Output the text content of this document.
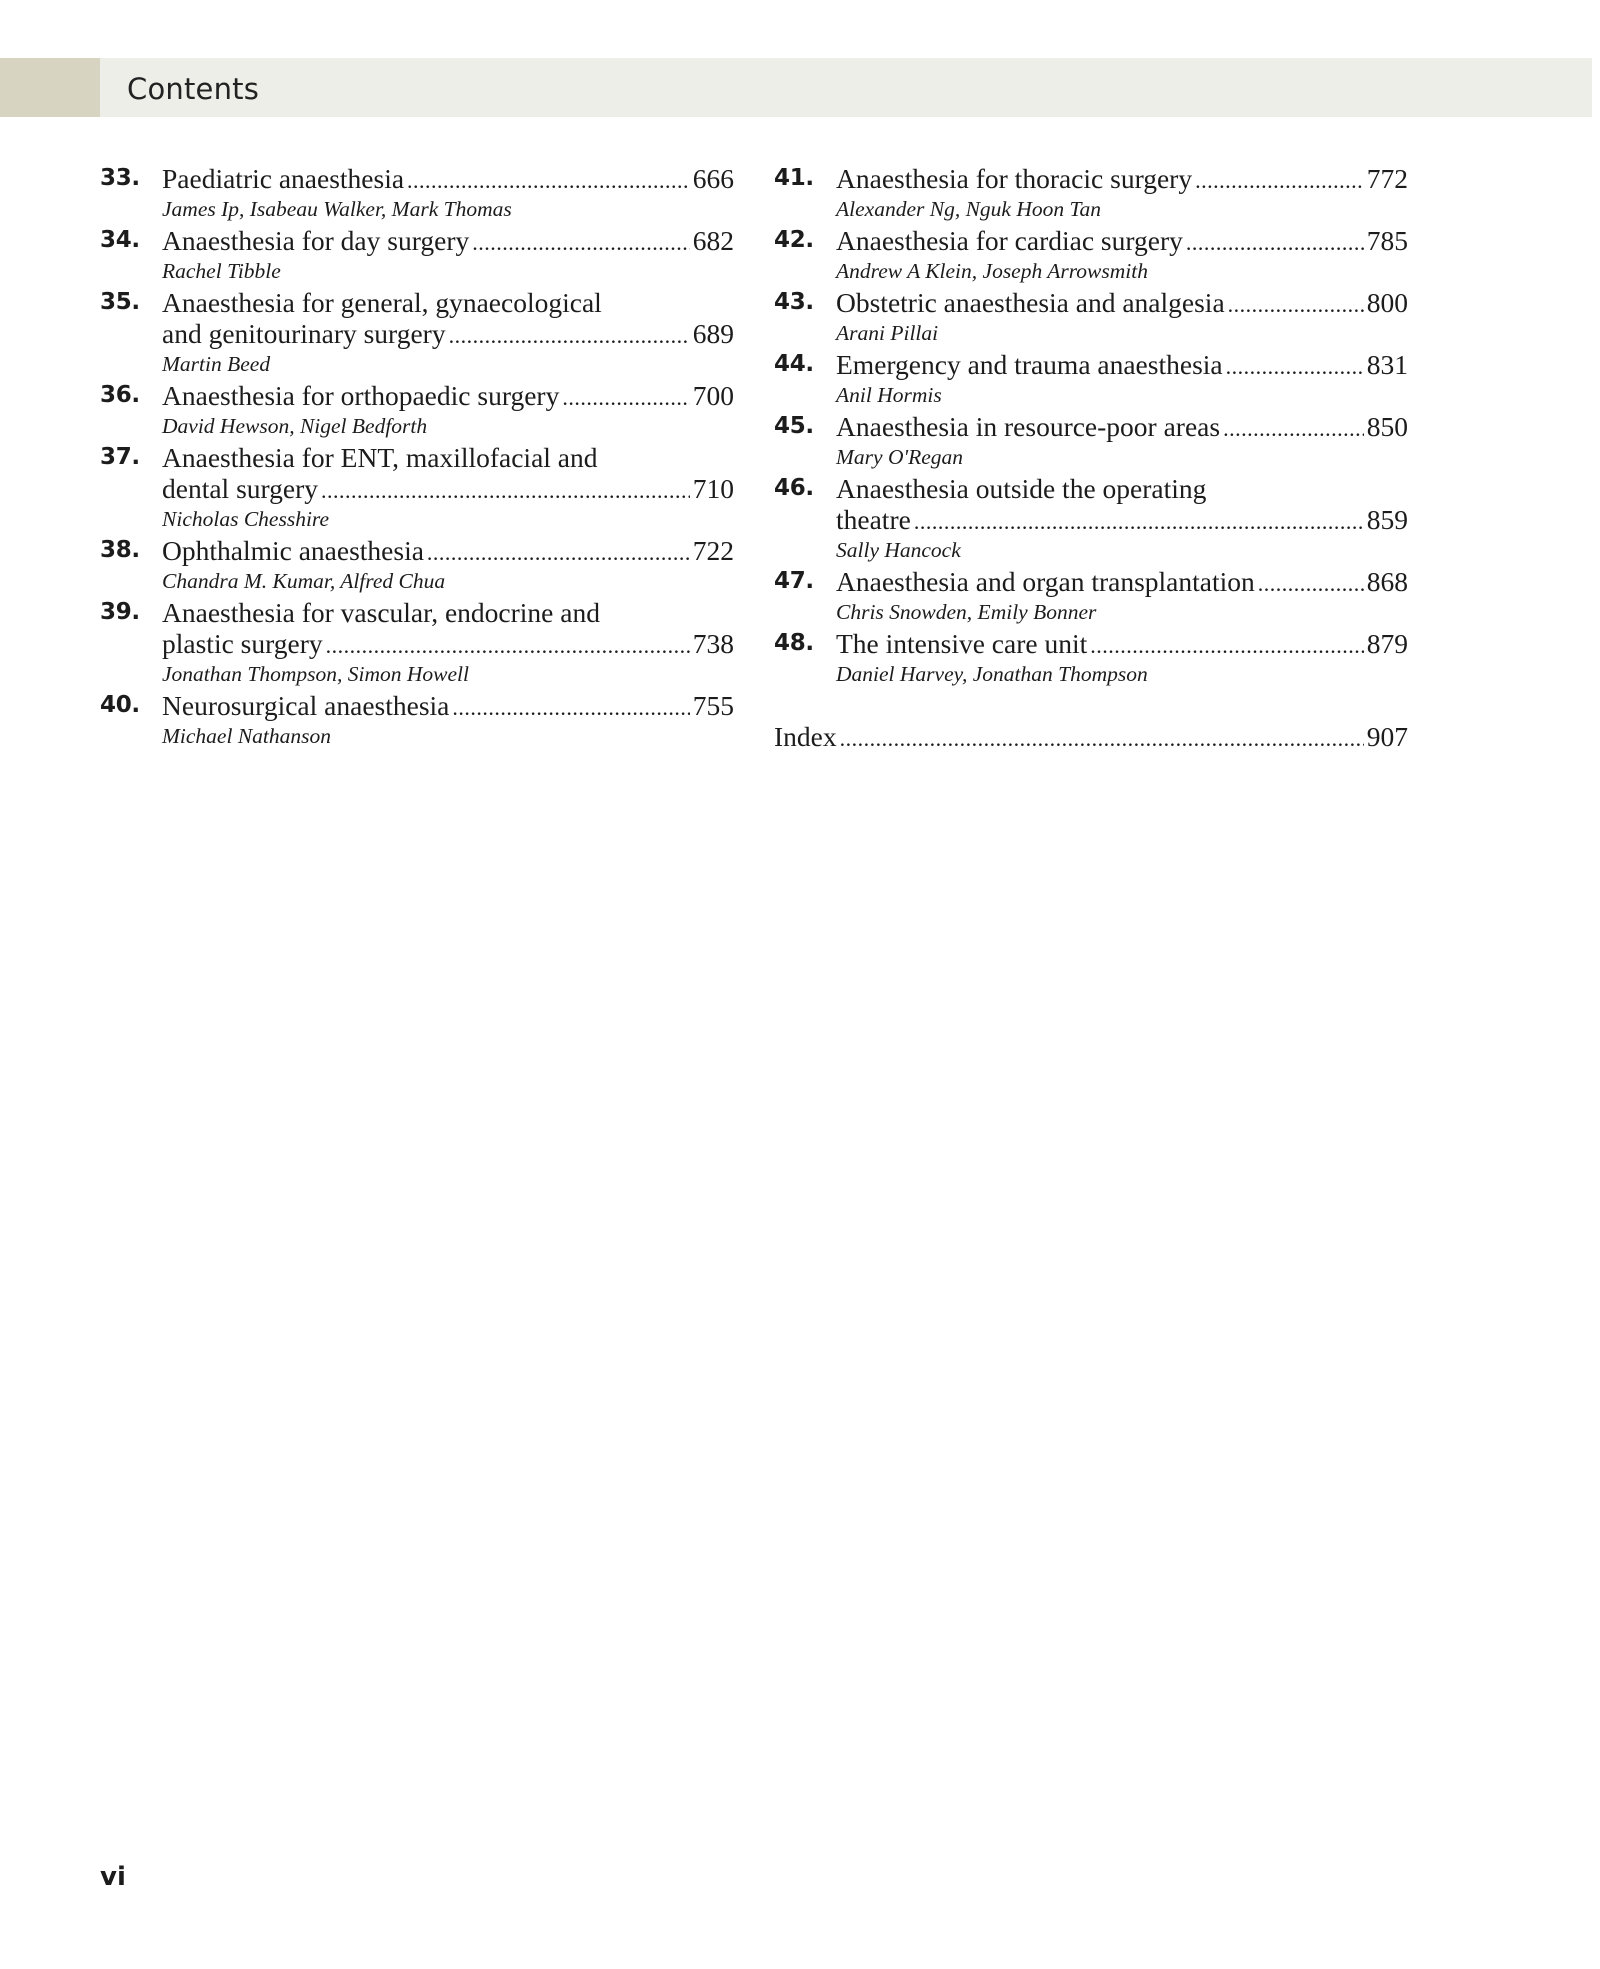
Contents
33. Paediatric anaesthesia . . .	666
James Ip, Isabeau Walker, Mark Thomas
34. Anaesthesia for day surgery . . .	682
Rachel Tibble
35. Anaesthesia for general, gynaecological
and genitourinary surgery . . .	689
Martin Beed
36. Anaesthesia for orthopaedic surgery . . .	700
David Hewson, Nigel Bedforth
37. Anaesthesia for ENT, maxillofacial and
dental surgery . . .	710
Nicholas Chesshire
38. Ophthalmic anaesthesia . . .	722
Chandra M. Kumar, Alfred Chua
39. Anaesthesia for vascular, endocrine and
plastic surgery . . .	738
Jonathan Thompson, Simon Howell
40. Neurosurgical anaesthesia . . .	755
Michael Nathanson
41. Anaesthesia for thoracic surgery . . .	772
Alexander Ng, Nguk Hoon Tan
42. Anaesthesia for cardiac surgery . . .	785
Andrew A Klein, Joseph Arrowsmith
43. Obstetric anaesthesia and analgesia . . .	800
Arani Pillai
44. Emergency and trauma anaesthesia . . .	831
Anil Hormis
45. Anaesthesia in resource-poor areas . . .	850
Mary O'Regan
46. Anaesthesia outside the operating
theatre . . .	859
Sally Hancock
47. Anaesthesia and organ transplantation . . .	868
Chris Snowden, Emily Bonner
48. The intensive care unit . . .	879
Daniel Harvey, Jonathan Thompson
Index . . .	907
vi
